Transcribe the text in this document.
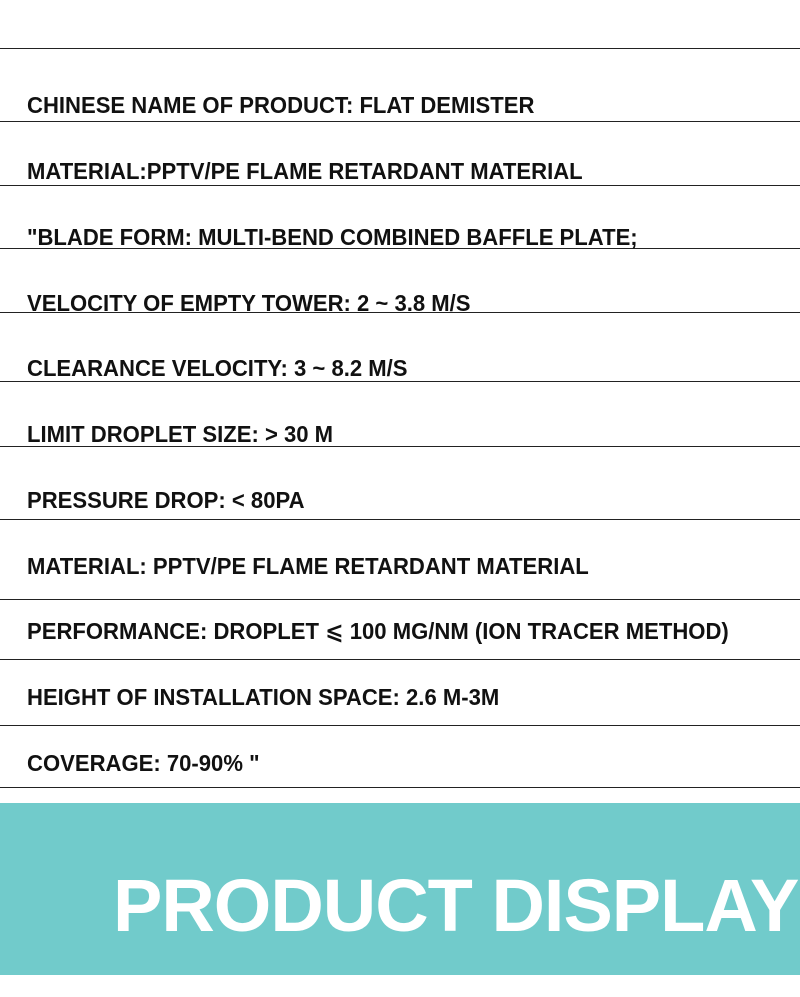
CHINESE NAME OF PRODUCT: FLAT DEMISTER
MATERIAL:PPTV/PE FLAME RETARDANT MATERIAL
"BLADE FORM: MULTI-BEND COMBINED BAFFLE PLATE;
VELOCITY OF EMPTY TOWER: 2 ~ 3.8 M/S
CLEARANCE VELOCITY: 3 ~ 8.2 M/S
LIMIT DROPLET SIZE: > 30 M
PRESSURE DROP: < 80PA
MATERIAL: PPTV/PE FLAME RETARDANT MATERIAL
PERFORMANCE: DROPLET ⩽ 100 MG/NM (ION TRACER METHOD)
HEIGHT OF INSTALLATION SPACE: 2.6 M-3M
COVERAGE: 70-90% "
PRODUCT DISPLAY
